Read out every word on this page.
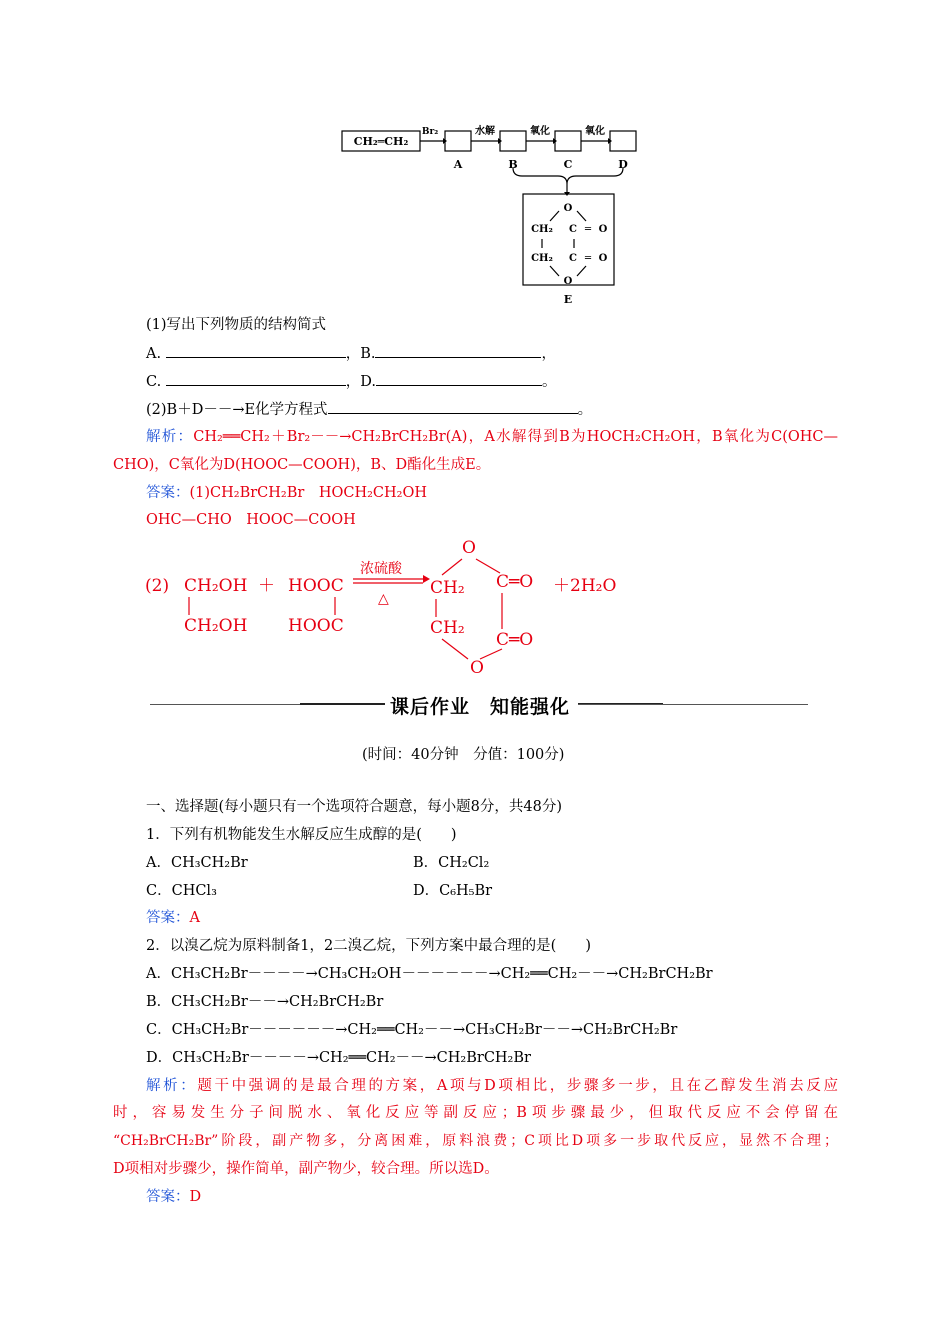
CH₂═CH₂
Br₂	水解	氧化	氧化
A	B	C	D
O
CH₂ C ═ O
CH₂ C ═ O
O
E
(1)写出下列物质的结构简式
A.	，B.	，
C.	，D.	。
(2)B＋D－－→E化学方程式	。
解析：CH₂══CH₂＋Br₂－－→CH₂BrCH₂Br(A)，A水解得到B为HOCH₂CH₂OH，B氧化为C(OHC—
CHO)，C氧化为D(HOOC—COOH)，B、D酯化生成E。
答案：(1)CH₂BrCH₂Br　HOCH₂CH₂OH
OHC—CHO　HOOC—COOH
(2) CH₂OH
CH₂OH
＋ HOOC
HOOC
浓硫酸
△
CH₂
CH₂
O
O
C═O
C═O
＋2H₂O
课后作业　知能强化
(时间：40分钟　分值：100分)
一、选择题(每小题只有一个选项符合题意，每小题8分，共48分)
1．下列有机物能发生水解反应生成醇的是(　　)
A．CH₃CH₂Br	B．CH₂Cl₂
C．CHCl₃	D．C₆H₅Br
答案：A
2．以溴乙烷为原料制备1，2二溴乙烷，下列方案中最合理的是(　　)
A．CH₃CH₂Br－－－－→CH₃CH₂OH－－－－－－→CH₂══CH₂－－→CH₂BrCH₂Br
B．CH₃CH₂Br－－→CH₂BrCH₂Br
C．CH₃CH₂Br－－－－－－→CH₂══CH₂－－→CH₃CH₂Br－－→CH₂BrCH₂Br
D．CH₃CH₂Br－－－－→CH₂══CH₂－－→CH₂BrCH₂Br
解析：题干中强调的是最合理的方案，A项与D项相比，步骤多一步，且在乙醇发生消去反应
时，容易发生分子间脱水、氧化反应等副反应；B项步骤最少，但取代反应不会停留在
“CH₂BrCH₂Br”阶段，副产物多，分离困难，原料浪费；C项比D项多一步取代反应，显然不合理；
D项相对步骤少，操作简单，副产物少，较合理。所以选D。
答案：D
